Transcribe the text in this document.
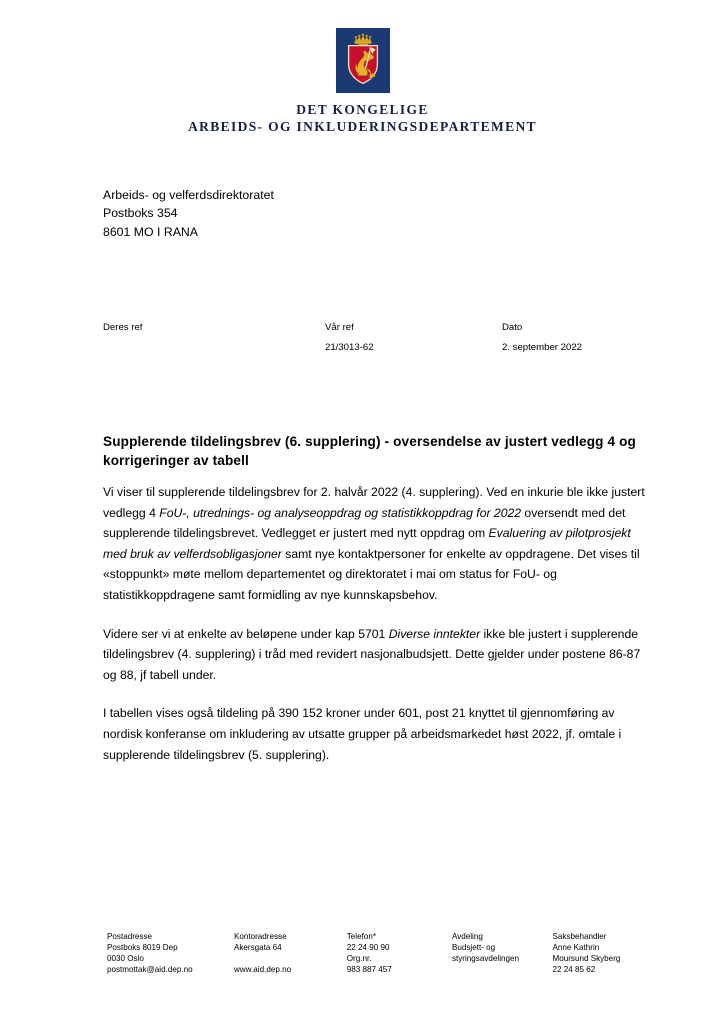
DET KONGELIGE
ARBEIDS- OG INKLUDERINGSDEPARTEMENT
Arbeids- og velferdsdirektoratet
Postboks 354
8601 MO I RANA
Deres ref	Vår ref
21/3013-62
Dato
2. september 2022
Supplerende tildelingsbrev (6. supplering) - oversendelse av justert vedlegg 4 og korrigeringer av tabell

Vi viser til supplerende tildelingsbrev for 2. halvår 2022 (4. supplering). Ved en inkurie ble ikke justert vedlegg 4 FoU-, utrednings- og analyseoppdrag og statistikkoppdrag for 2022 oversendt med det supplerende tildelingsbrevet. Vedlegget er justert med nytt oppdrag om Evaluering av pilotprosjekt med bruk av velferdsobligasjoner samt nye kontaktpersoner for enkelte av oppdragene. Det vises til «stoppunkt» møte mellom departementet og direktoratet i mai om status for FoU- og statistikkoppdragene samt formidling av nye kunnskapsbehov.

Videre ser vi at enkelte av beløpene under kap 5701 Diverse inntekter ikke ble justert i supplerende tildelingsbrev (4. supplering) i tråd med revidert nasjonalbudsjett. Dette gjelder under postene 86-87 og 88, jf tabell under.

I tabellen vises også tildeling på 390 152 kroner under 601, post 21 knyttet til gjennomføring av nordisk konferanse om inkludering av utsatte grupper på arbeidsmarkedet høst 2022, jf. omtale i supplerende tildelingsbrev (5. supplering).

Postadresse
Postboks 8019 Dep
0030 Oslo
postmottak@aid.dep.no
Kontoradresse
Akersgata 64
www.aid.dep.no
Telefon*
22 24 90 90
Org.nr.
983 887 457
Avdeling
Budsjett- og
styringsavdelingen
Saksbehandler
Anne Kathrin
Moursund Skyberg
22 24 85 62
